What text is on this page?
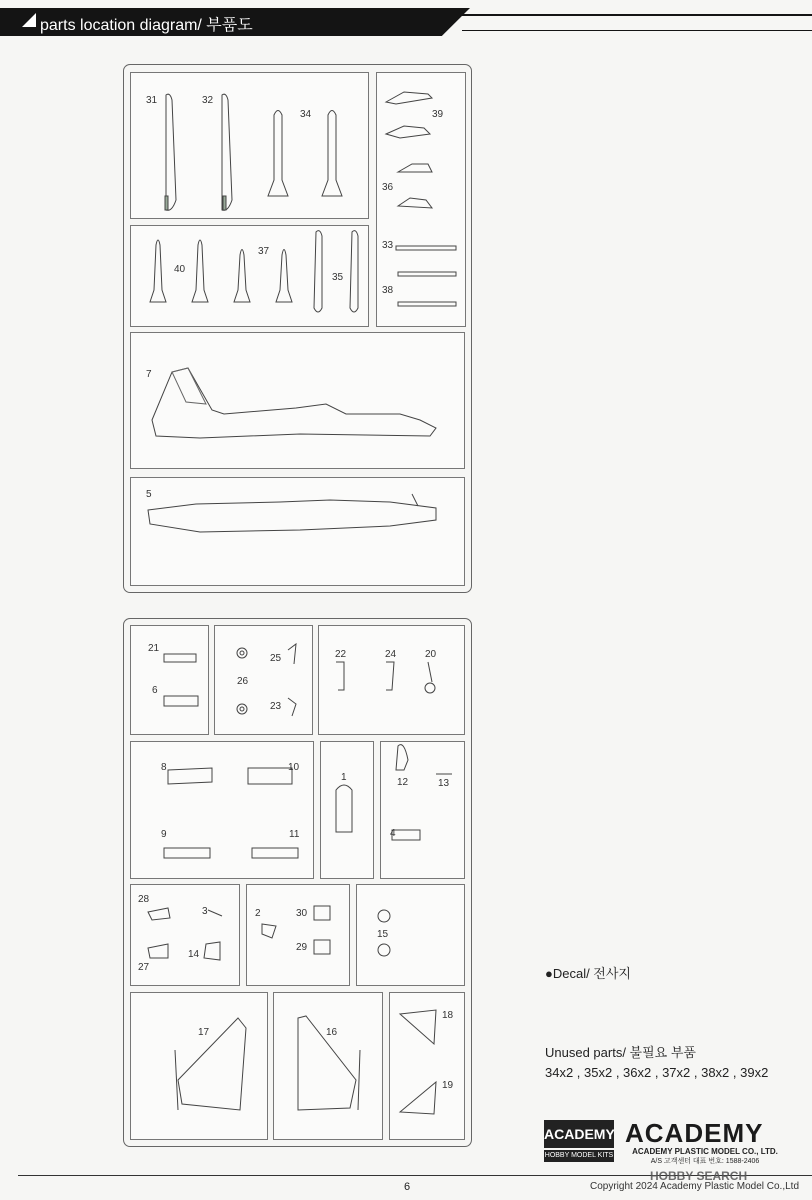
parts location diagram/ 부품도
31	32
34
40
37
35
39
36
33
38
7
5
21
6
25
26
23
22	24	20
8	10
9	11
1	12	13
4
28
3
27
14
2	30
29
15
17	16
18
19
●Decal/ 전사지
Unused parts/ 불필요 부품
34x2 , 35x2 , 36x2 , 37x2 , 38x2 , 39x2
ACADEMY
HOBBY MODEL KITS
ACADEMY
ACADEMY PLASTIC MODEL CO., LTD.
A/S 고객센터 대표 번호: 1588-2406
6	Copyright 2024 Academy Plastic Model Co.,Ltd
HOBBY SEARCH
